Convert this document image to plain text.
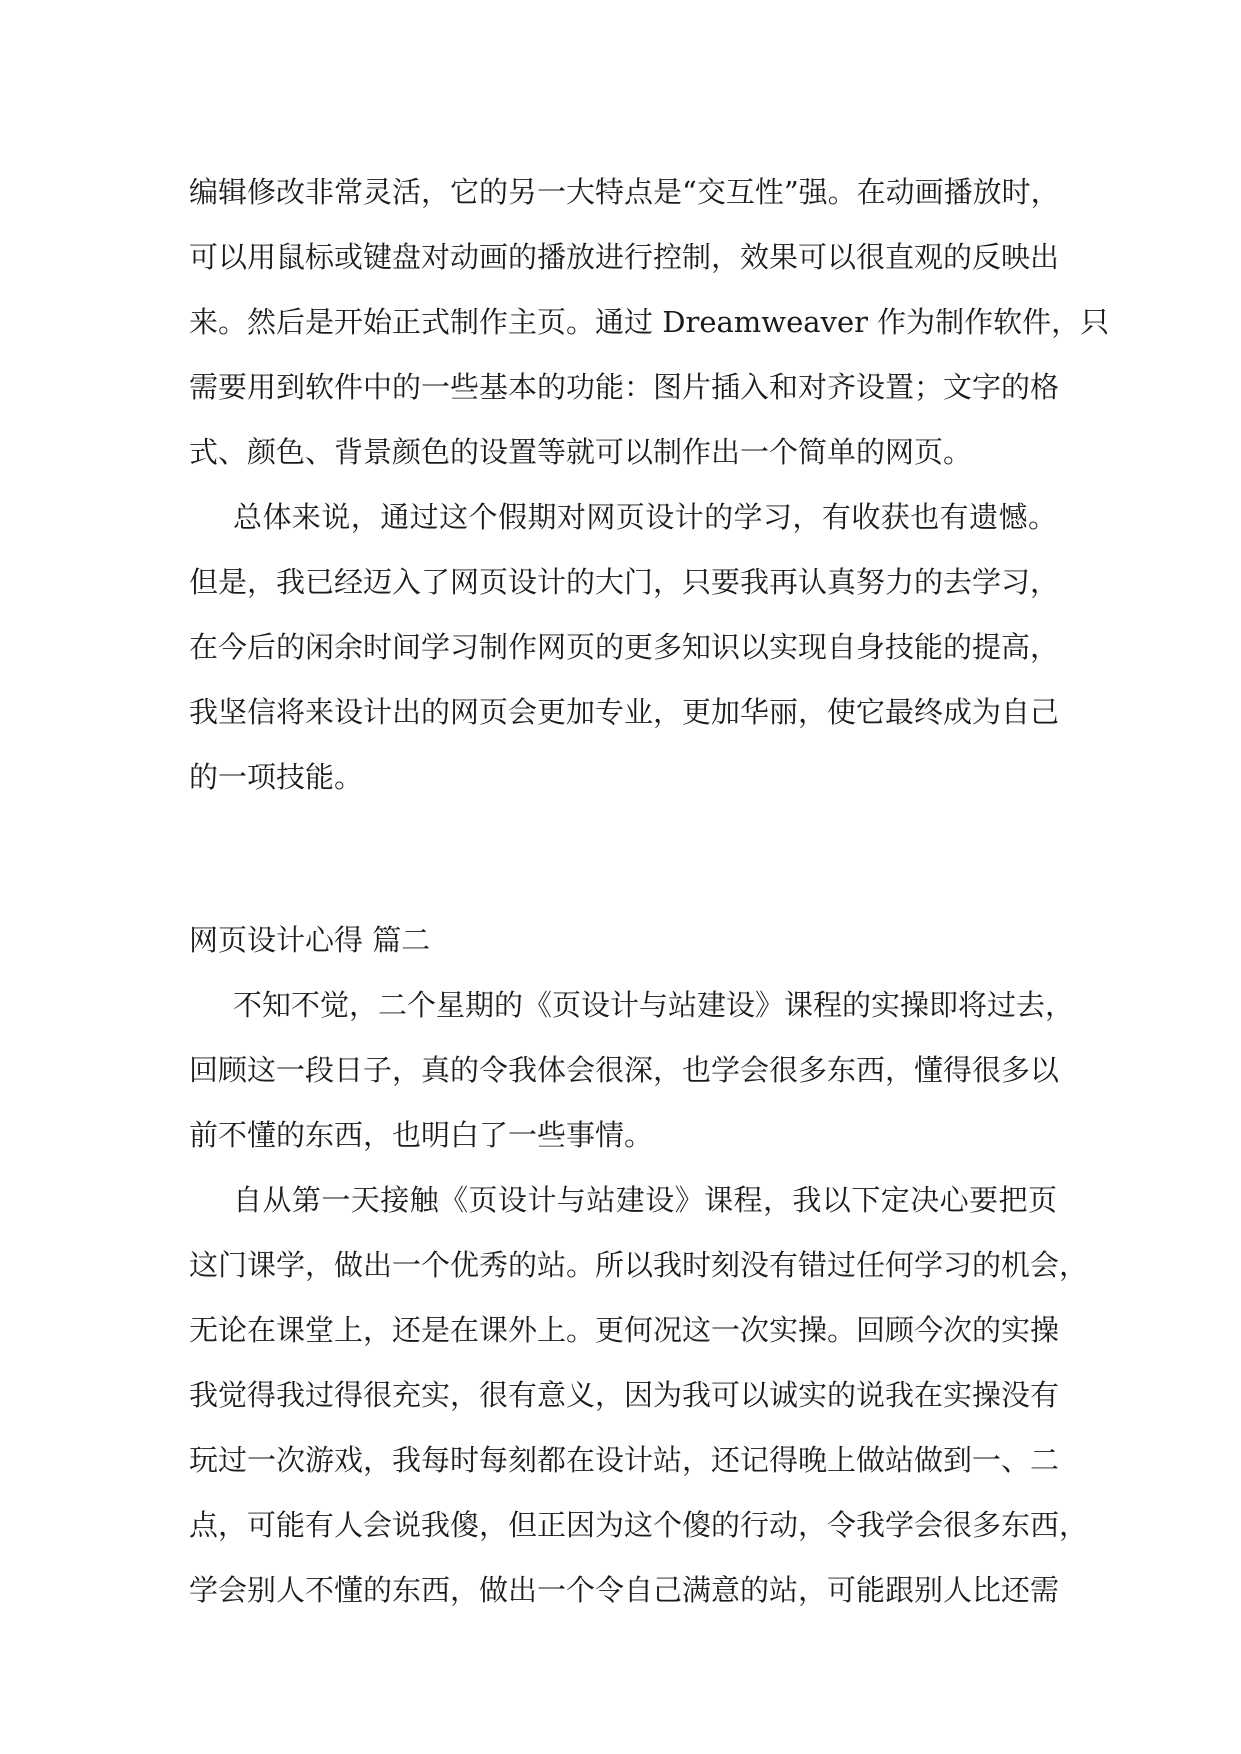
编辑修改非常灵活，它的另一大特点是“交互性”强。在动画播放时，
可以用鼠标或键盘对动画的播放进行控制，效果可以很直观的反映出
来。然后是开始正式制作主页。通过 Dreamweaver 作为制作软件，只
需要用到软件中的一些基本的功能：图片插入和对齐设置；文字的格
式、颜色、背景颜色的设置等就可以制作出一个简单的网页。
总体来说，通过这个假期对网页设计的学习，有收获也有遗憾。
但是，我已经迈入了网页设计的大门，只要我再认真努力的去学习，
在今后的闲余时间学习制作网页的更多知识以实现自身技能的提高，
我坚信将来设计出的网页会更加专业，更加华丽，使它最终成为自己
的一项技能。
网页设计心得 篇二
不知不觉，二个星期的《页设计与站建设》课程的实操即将过去，
回顾这一段日子，真的令我体会很深，也学会很多东西，懂得很多以
前不懂的东西，也明白了一些事情。
自从第一天接触《页设计与站建设》课程，我以下定决心要把页
这门课学，做出一个优秀的站。所以我时刻没有错过任何学习的机会，
无论在课堂上，还是在课外上。更何况这一次实操。回顾今次的实操
我觉得我过得很充实，很有意义，因为我可以诚实的说我在实操没有
玩过一次游戏，我每时每刻都在设计站，还记得晚上做站做到一、二
点，可能有人会说我傻，但正因为这个傻的行动，令我学会很多东西，
学会别人不懂的东西，做出一个令自己满意的站，可能跟别人比还需
